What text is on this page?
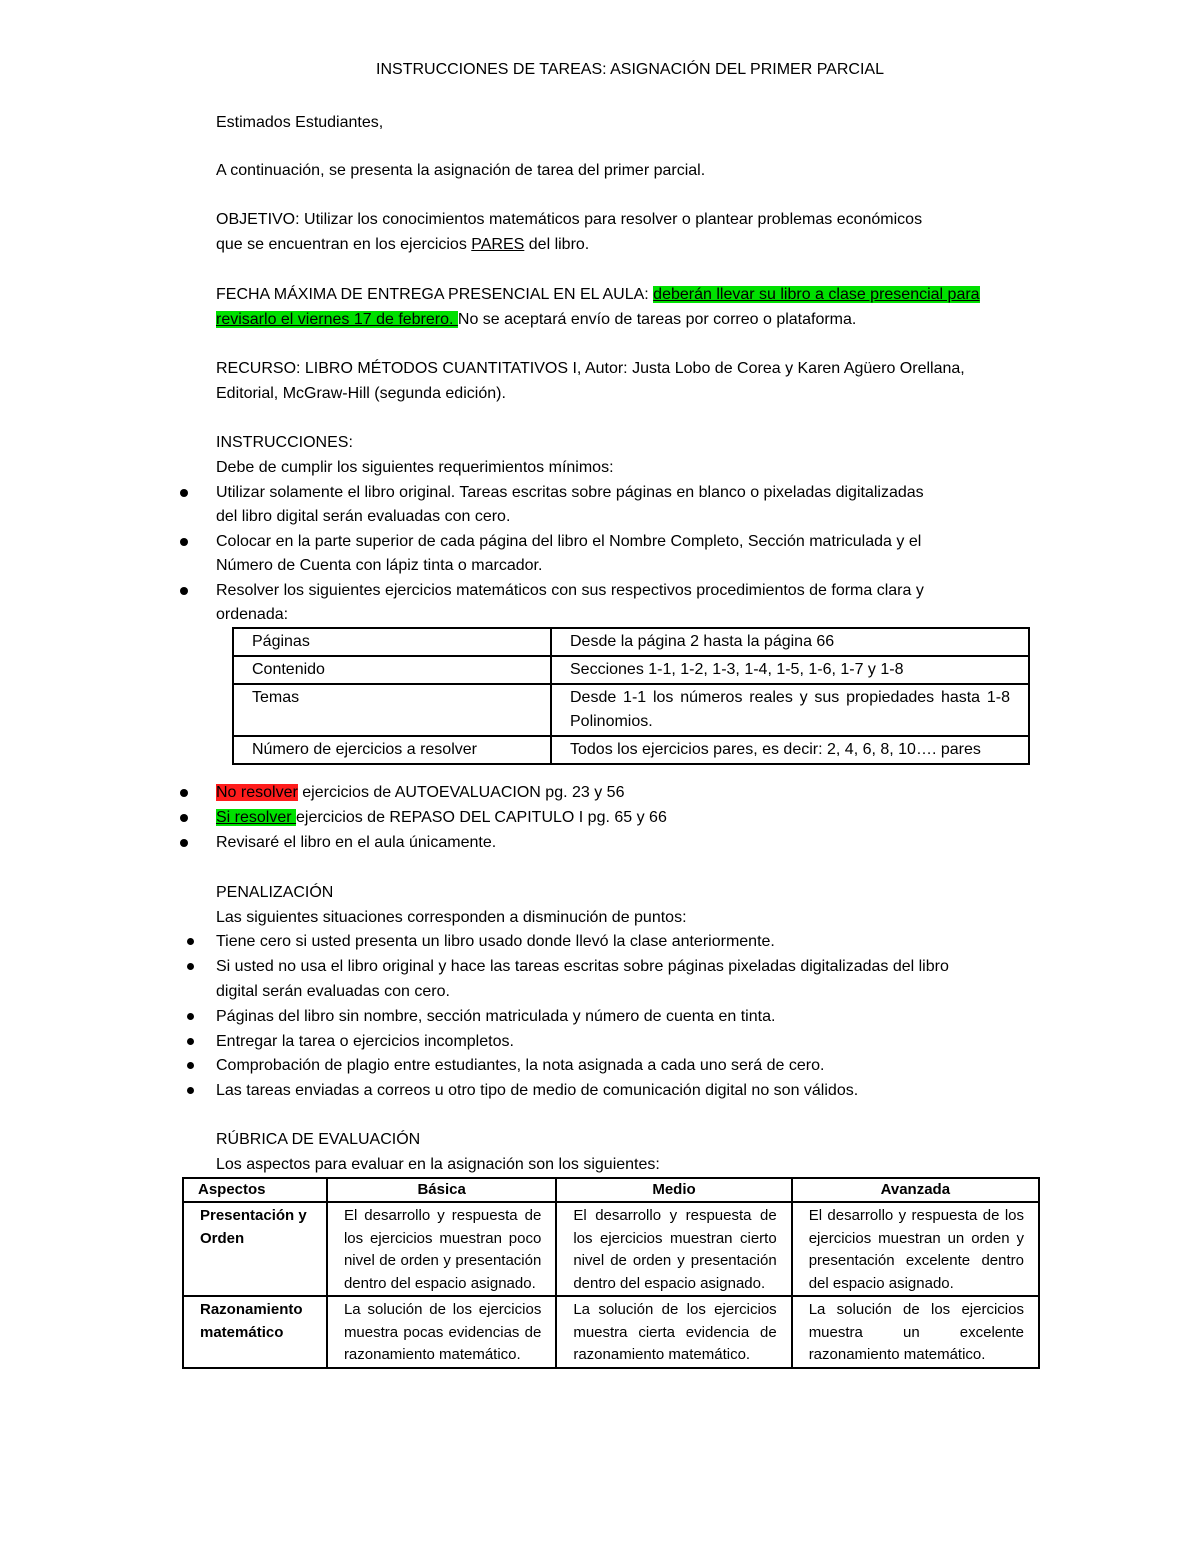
INSTRUCCIONES DE TAREAS: ASIGNACIÓN DEL PRIMER PARCIAL
Estimados Estudiantes,
A continuación, se presenta la asignación de tarea del primer parcial.
OBJETIVO: Utilizar los conocimientos matemáticos para resolver o plantear problemas económicos
que se encuentran en los ejercicios PARES del libro.
FECHA MÁXIMA DE ENTREGA PRESENCIAL EN EL AULA: deberán llevar su libro a clase presencial para
revisarlo el viernes 17 de febrero. No se aceptará envío de tareas por correo o plataforma.
RECURSO: LIBRO MÉTODOS CUANTITATIVOS I, Autor: Justa Lobo de Corea y Karen Agüero Orellana,
Editorial, McGraw-Hill (segunda edición).
INSTRUCCIONES:
Debe de cumplir los siguientes requerimientos mínimos:
Utilizar solamente el libro original. Tareas escritas sobre páginas en blanco o pixeladas digitalizadas
del libro digital serán evaluadas con cero.
Colocar en la parte superior de cada página del libro el Nombre Completo, Sección matriculada y el
Número de Cuenta con lápiz tinta o marcador.
Resolver los siguientes ejercicios matemáticos con sus respectivos procedimientos de forma clara y
ordenada:
Páginas	Desde la página 2 hasta la página 66
Contenido	Secciones 1-1, 1-2, 1-3, 1-4, 1-5, 1-6, 1-7 y 1-8
Temas	Desde 1-1 los números reales y sus propiedades hasta 1-8 Polinomios.
Número de ejercicios a resolver	Todos los ejercicios pares, es decir: 2, 4, 6, 8, 10…. pares
No resolver ejercicios de AUTOEVALUACION pg. 23 y 56
Si resolver ejercicios de REPASO DEL CAPITULO I pg. 65 y 66
Revisaré el libro en el aula únicamente.
PENALIZACIÓN
Las siguientes situaciones corresponden a disminución de puntos:
Tiene cero si usted presenta un libro usado donde llevó la clase anteriormente.
Si usted no usa el libro original y hace las tareas escritas sobre páginas pixeladas digitalizadas del libro
digital serán evaluadas con cero.
Páginas del libro sin nombre, sección matriculada y número de cuenta en tinta.
Entregar la tarea o ejercicios incompletos.
Comprobación de plagio entre estudiantes, la nota asignada a cada uno será de cero.
Las tareas enviadas a correos u otro tipo de medio de comunicación digital no son válidos.
RÚBRICA DE EVALUACIÓN
Los aspectos para evaluar en la asignación son los siguientes:
Aspectos	Básica	Medio	Avanzada
Presentación y Orden	El desarrollo y respuesta de los ejercicios muestran poco nivel de orden y presentación dentro del espacio asignado.	El desarrollo y respuesta de los ejercicios muestran cierto nivel de orden y presentación dentro del espacio asignado.	El desarrollo y respuesta de los ejercicios muestran un orden y presentación excelente dentro del espacio asignado.
Razonamiento matemático	La solución de los ejercicios muestra pocas evidencias de razonamiento matemático.	La solución de los ejercicios muestra cierta evidencia de razonamiento matemático.	La solución de los ejercicios muestra un excelente razonamiento matemático.
